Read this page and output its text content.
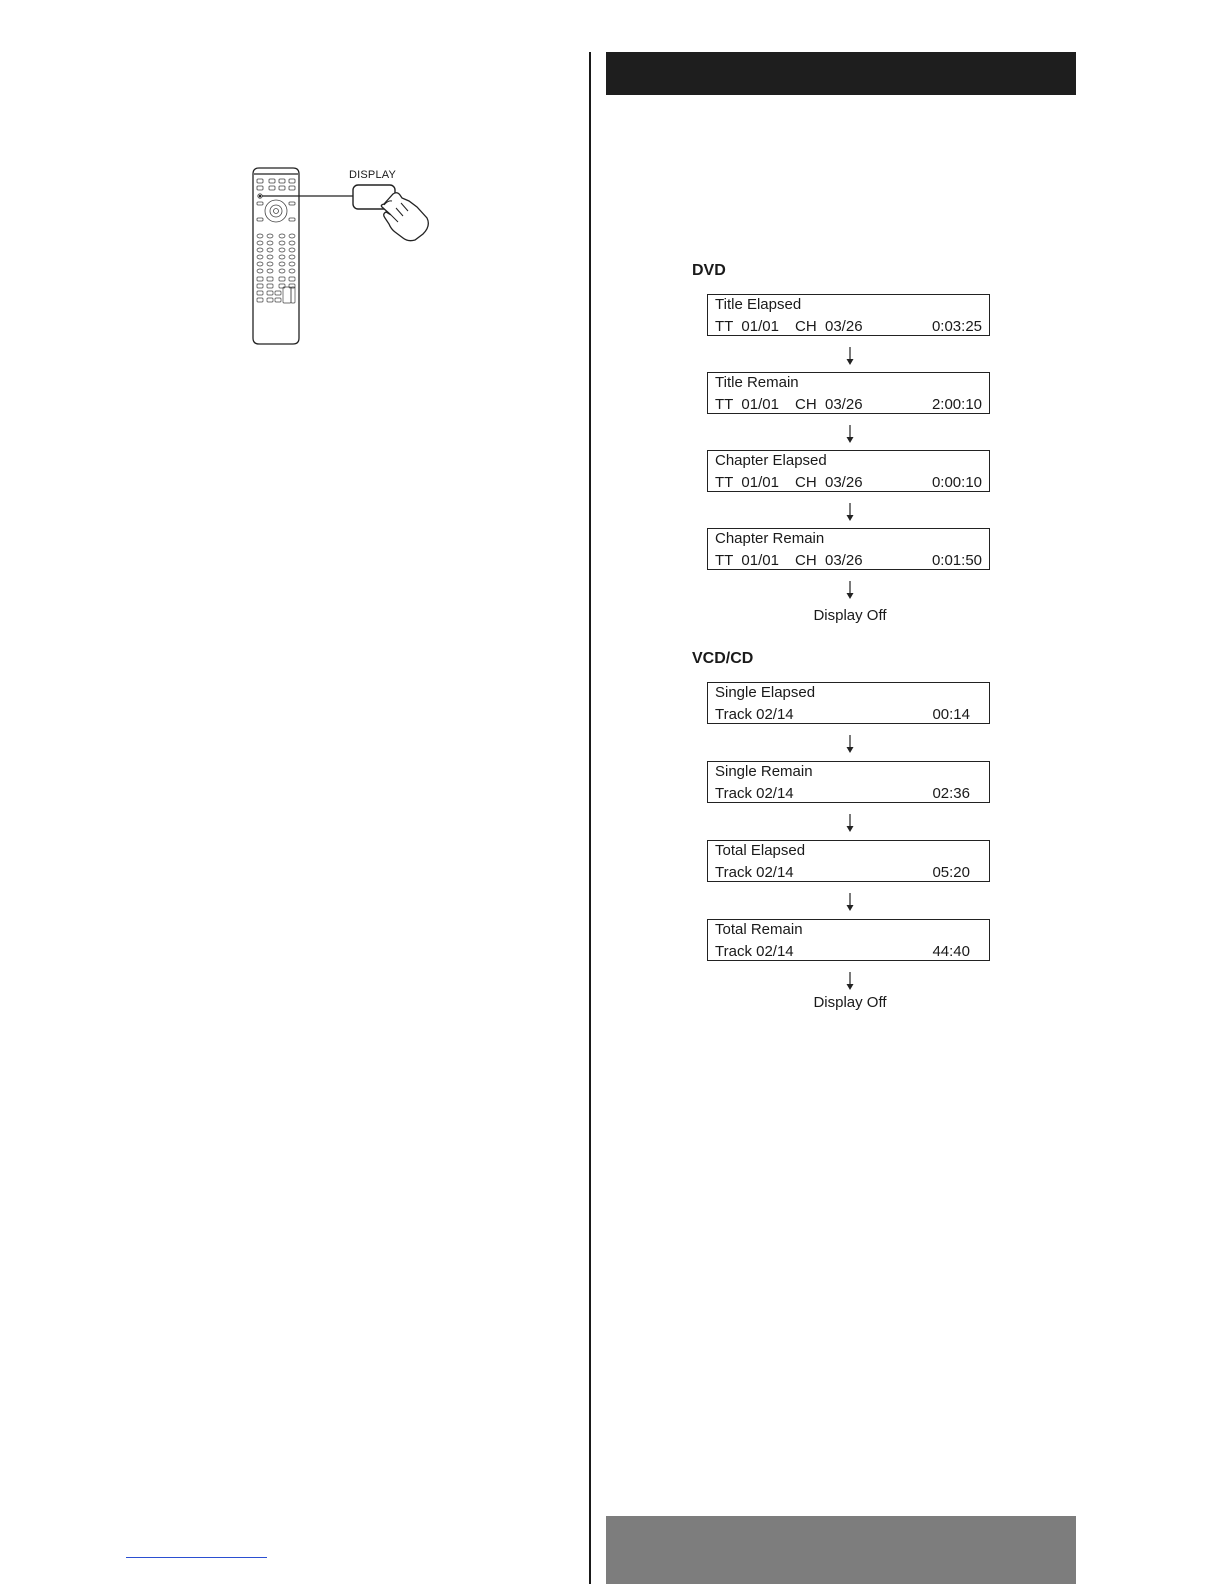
DISPLAY
DVD
Title Elapsed
TT  01/01 CH  03/26	0:03:25
Title Remain
TT  01/01 CH  03/26	2:00:10
Chapter Elapsed
TT  01/01 CH  03/26	0:00:10
Chapter Remain
TT  01/01 CH  03/26	0:01:50
Display Off
VCD/CD
Single Elapsed
Track 02/14	00:14
Single Remain
Track 02/14	02:36
Total Elapsed
Track 02/14	05:20
Total Remain
Track 02/14	44:40
Display Off
